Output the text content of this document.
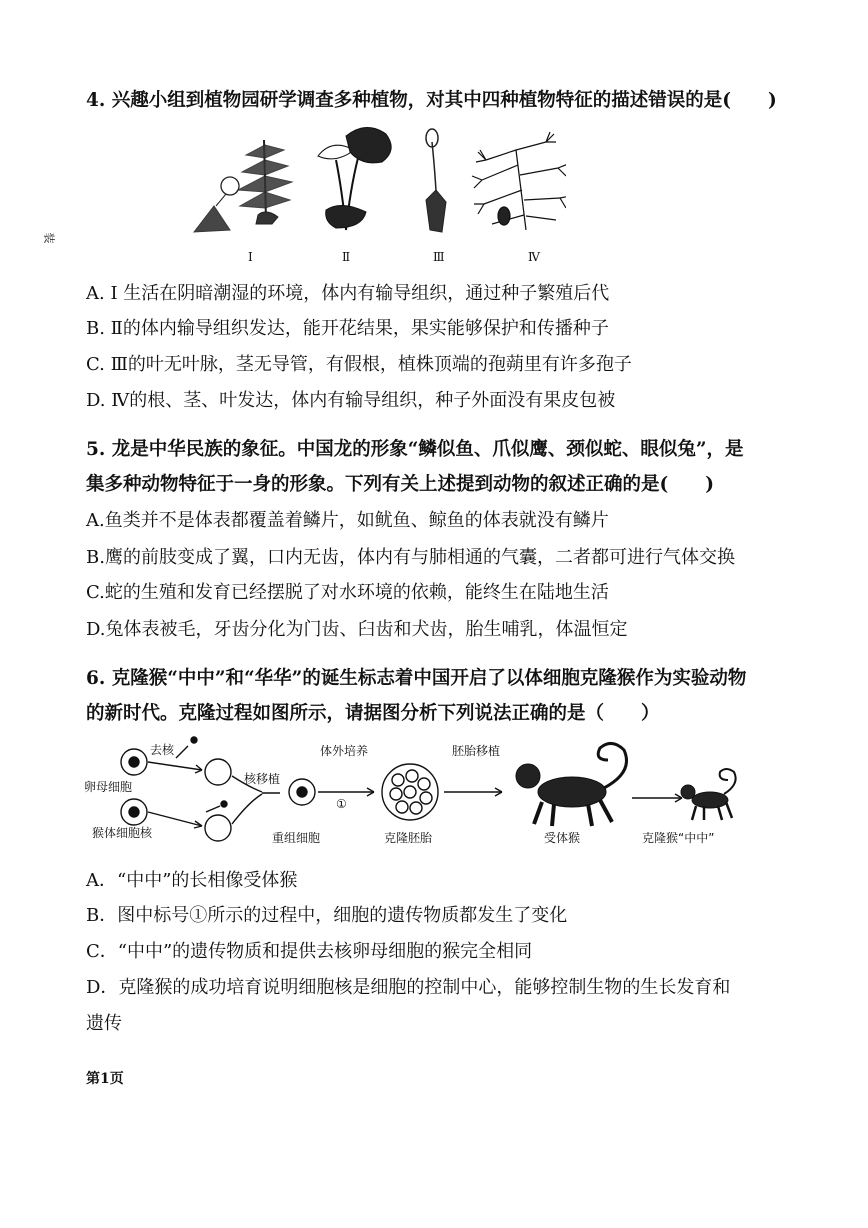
装
4. 兴趣小组到植物园研学调查多种植物，对其中四种植物特征的描述错误的是(　　)
Ⅰ	Ⅱ	Ⅲ	Ⅳ
A. Ⅰ 生活在阴暗潮湿的环境，体内有输导组织，通过种子繁殖后代
B. Ⅱ的体内输导组织发达，能开花结果，果实能够保护和传播种子
C. Ⅲ的叶无叶脉，茎无导管，有假根，植株顶端的孢蒴里有许多孢子
D. Ⅳ的根、茎、叶发达，体内有输导组织，种子外面没有果皮包被
5. 龙是中华民族的象征。中国龙的形象“鳞似鱼、爪似鹰、颈似蛇、眼似兔”，是
集多种动物特征于一身的形象。下列有关上述提到动物的叙述正确的是(　　)
A.鱼类并不是体表都覆盖着鳞片，如鱿鱼、鲸鱼的体表就没有鳞片
B.鹰的前肢变成了翼，口内无齿，体内有与肺相通的气囊，二者都可进行气体交换
C.蛇的生殖和发育已经摆脱了对水环境的依赖，能终生在陆地生活
D.兔体表被毛，牙齿分化为门齿、臼齿和犬齿，胎生哺乳，体温恒定
6. 克隆猴“中中”和“华华”的诞生标志着中国开启了以体细胞克隆猴作为实验动物
的新时代。克隆过程如图所示，请据图分析下列说法正确的是（　　）
去核
卵母细胞
猴体细胞核
核移植
体外培养
①
重组细胞
胚胎移植
克隆胚胎	受体猴	克隆猴“中中”
A．“中中”的长相像受体猴
B．图中标号①所示的过程中，细胞的遗传物质都发生了变化
C．“中中”的遗传物质和提供去核卵母细胞的猴完全相同
D．克隆猴的成功培育说明细胞核是细胞的控制中心，能够控制生物的生长发育和
遗传
第1页
